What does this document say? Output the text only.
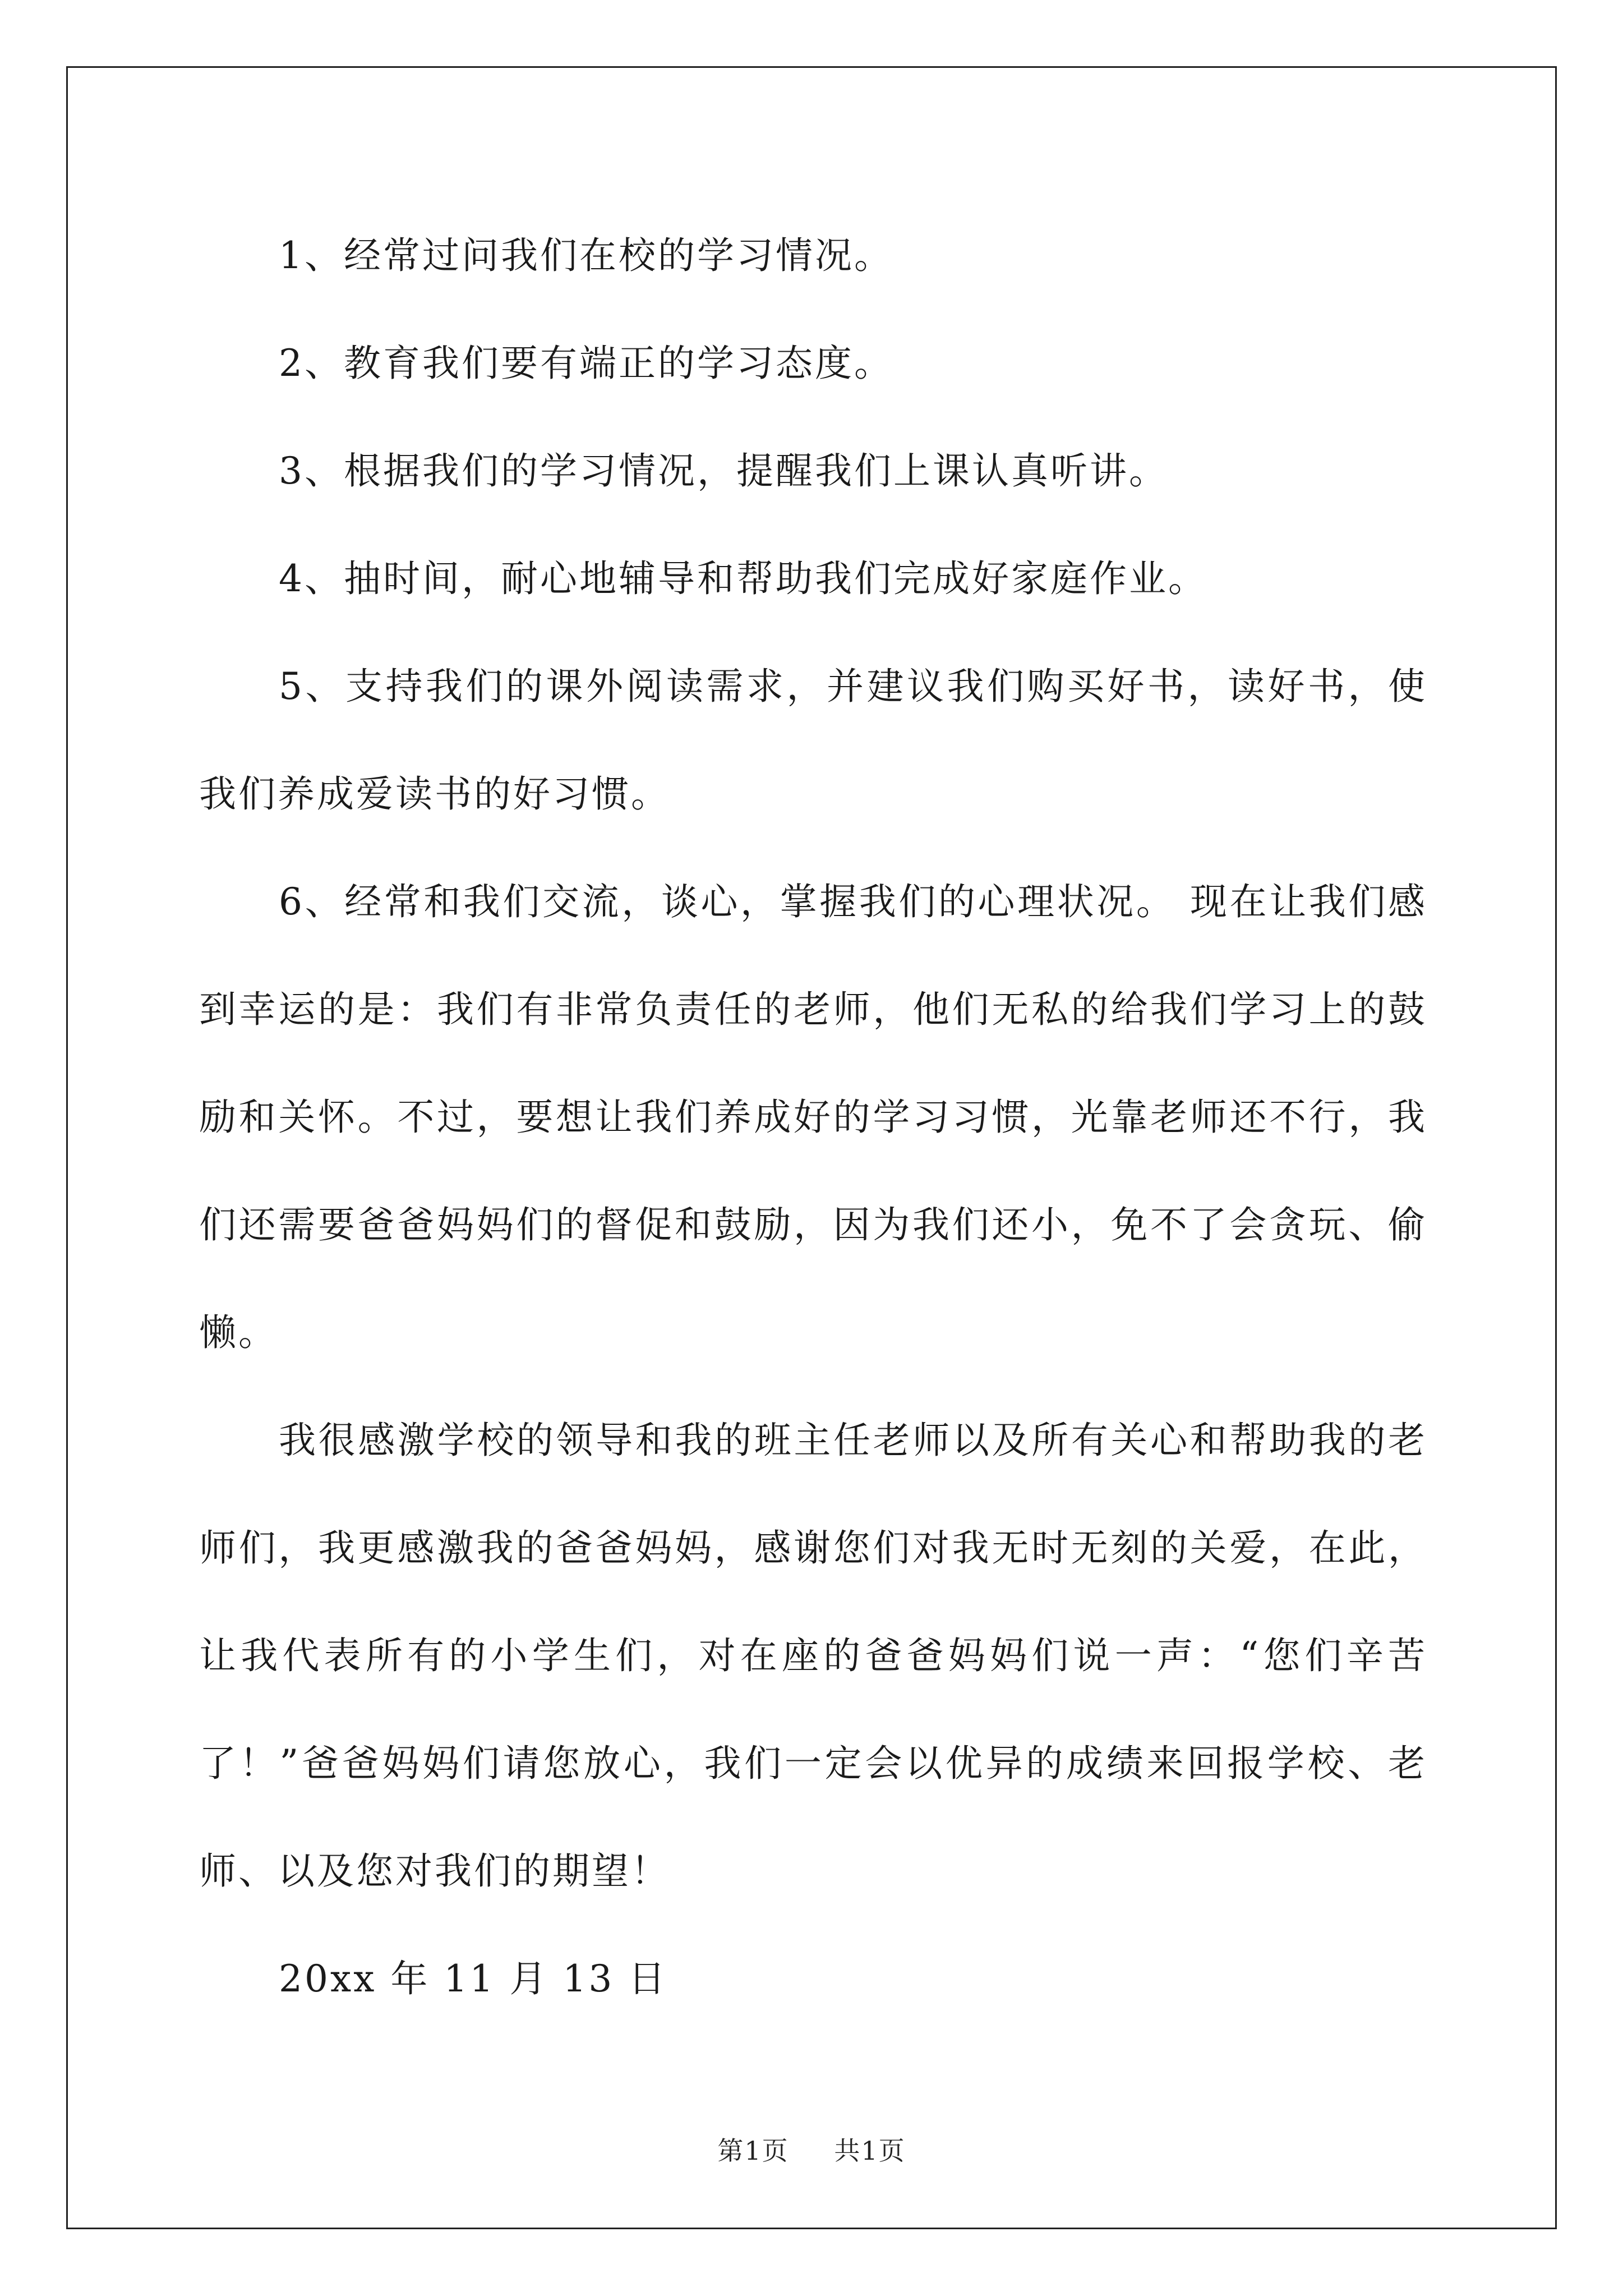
1、经常过问我们在校的学习情况。

2、教育我们要有端正的学习态度。

3、根据我们的学习情况，提醒我们上课认真听讲。

4、抽时间，耐心地辅导和帮助我们完成好家庭作业。

5、支持我们的课外阅读需求，并建议我们购买好书，读好书，使我们养成爱读书的好习惯。

6、经常和我们交流，谈心，掌握我们的心理状况。 现在让我们感到幸运的是：我们有非常负责任的老师，他们无私的给我们学习上的鼓励和关怀。不过，要想让我们养成好的学习习惯，光靠老师还不行，我们还需要爸爸妈妈们的督促和鼓励，因为我们还小，免不了会贪玩、偷懒。

我很感激学校的领导和我的班主任老师以及所有关心和帮助我的老师们，我更感激我的爸爸妈妈，感谢您们对我无时无刻的关爱，在此，让我代表所有的小学生们，对在座的爸爸妈妈们说一声：“您们辛苦了！”爸爸妈妈们请您放心，我们一定会以优异的成绩来回报学校、老师、以及您对我们的期望！

20xx 年 11 月 13 日

第1页 共1页
